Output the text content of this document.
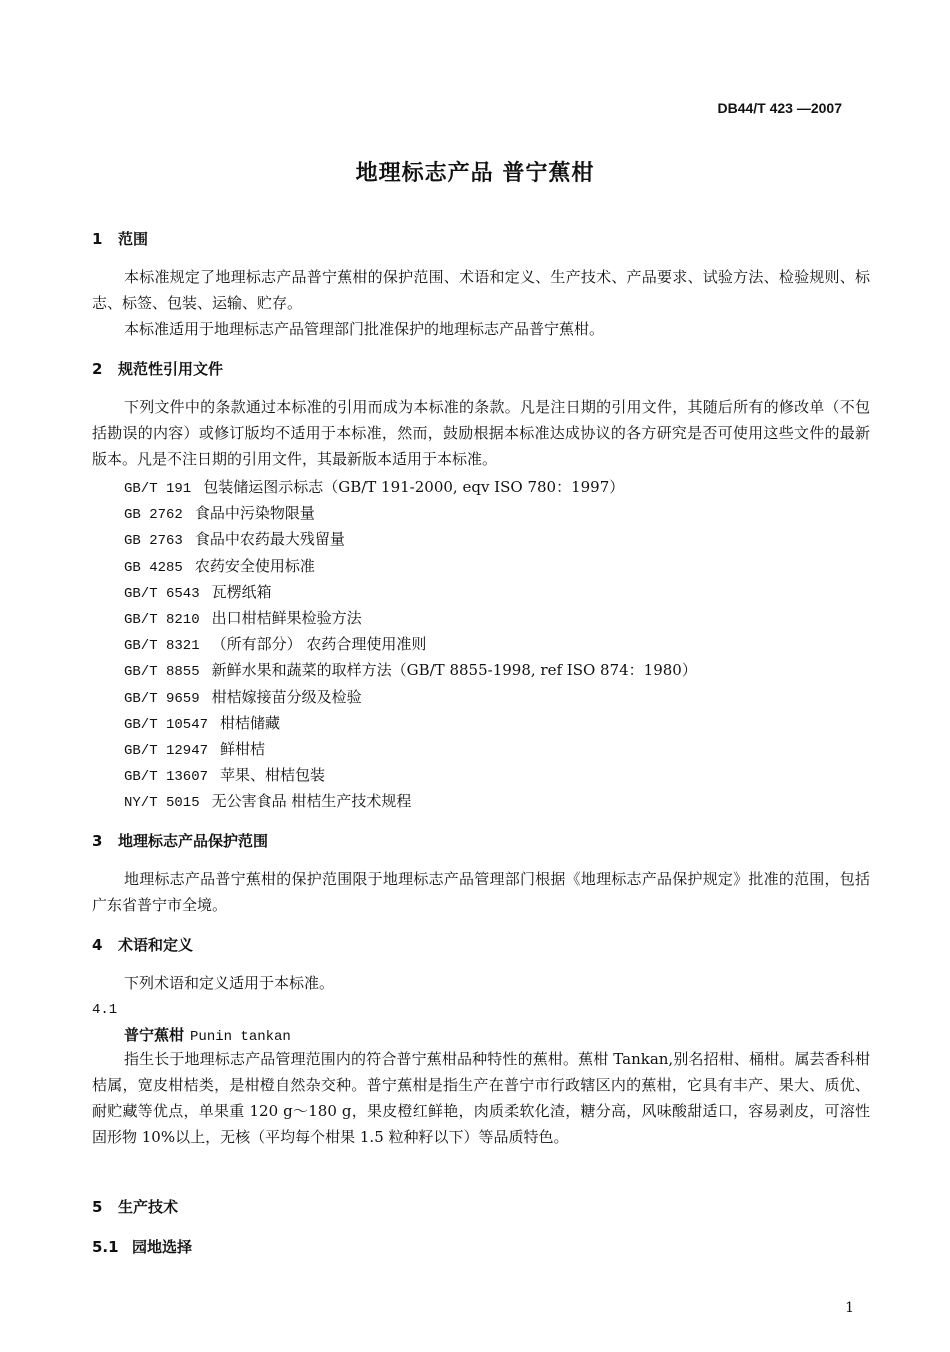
DB44/T 423 —2007
地理标志产品 普宁蕉柑
1 范围
本标准规定了地理标志产品普宁蕉柑的保护范围、术语和定义、生产技术、产品要求、试验方法、检验规则、标志、标签、包装、运输、贮存。
本标准适用于地理标志产品管理部门批准保护的地理标志产品普宁蕉柑。
2 规范性引用文件
下列文件中的条款通过本标准的引用而成为本标准的条款。凡是注日期的引用文件，其随后所有的修改单（不包括勘误的内容）或修订版均不适用于本标准，然而，鼓励根据本标准达成协议的各方研究是否可使用这些文件的最新版本。凡是不注日期的引用文件，其最新版本适用于本标准。
GB/T 191 包装储运图示标志（GB/T 191-2000, eqv ISO 780：1997）
GB 2762 食品中污染物限量
GB 2763 食品中农药最大残留量
GB 4285 农药安全使用标准
GB/T 6543 瓦楞纸箱
GB/T 8210 出口柑桔鲜果检验方法
GB/T 8321 （所有部分） 农药合理使用准则
GB/T 8855 新鲜水果和蔬菜的取样方法（GB/T 8855-1998, ref ISO 874：1980）
GB/T 9659 柑桔嫁接苗分级及检验
GB/T 10547 柑桔储藏
GB/T 12947 鲜柑桔
GB/T 13607 苹果、柑桔包装
NY/T 5015 无公害食品 柑桔生产技术规程
3 地理标志产品保护范围
地理标志产品普宁蕉柑的保护范围限于地理标志产品管理部门根据《地理标志产品保护规定》批准的范围，包括广东省普宁市全境。
4 术语和定义
下列术语和定义适用于本标准。
4.1
普宁蕉柑 Punin tankan
指生长于地理标志产品管理范围内的符合普宁蕉柑品种特性的蕉柑。蕉柑 Tankan,别名招柑、桶柑。属芸香科柑桔属，宽皮柑桔类，是柑橙自然杂交种。普宁蕉柑是指生产在普宁市行政辖区内的蕉柑，它具有丰产、果大、质优、耐贮藏等优点，单果重 120 g～180 g，果皮橙红鲜艳，肉质柔软化渣，糖分高，风味酸甜适口，容易剥皮，可溶性固形物 10%以上，无核（平均每个柑果 1.5 粒种籽以下）等品质特色。
5 生产技术
5.1 园地选择
1
